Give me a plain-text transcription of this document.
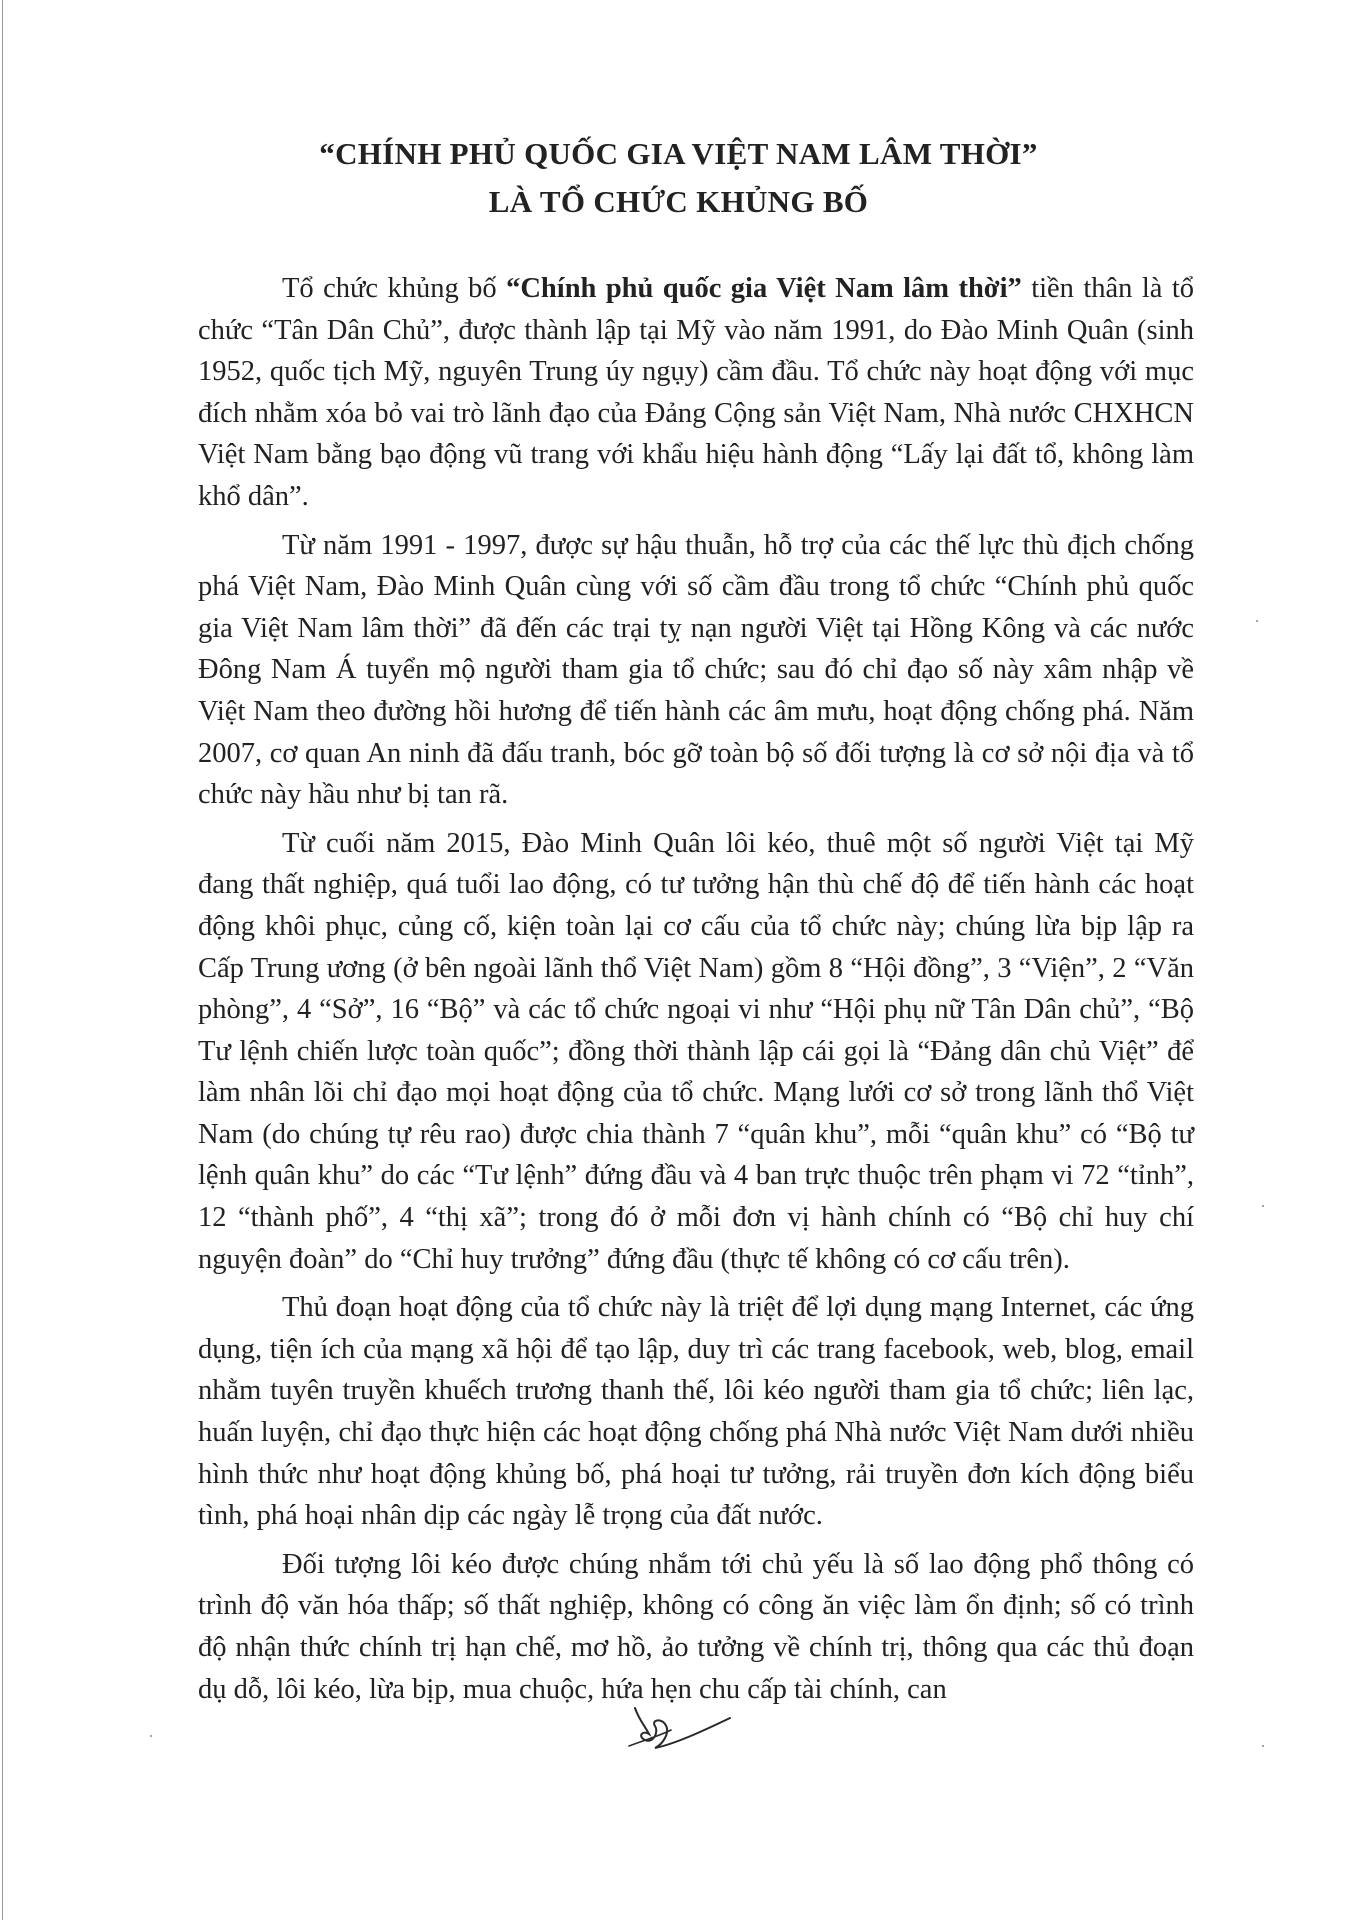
“CHÍNH PHỦ QUỐC GIA VIỆT NAM LÂM THỜI”
LÀ TỔ CHỨC KHỦNG BỐ

Tổ chức khủng bố “Chính phủ quốc gia Việt Nam lâm thời” tiền thân là tổ chức “Tân Dân Chủ”, được thành lập tại Mỹ vào năm 1991, do Đào Minh Quân (sinh 1952, quốc tịch Mỹ, nguyên Trung úy ngụy) cầm đầu. Tổ chức này hoạt động với mục đích nhằm xóa bỏ vai trò lãnh đạo của Đảng Cộng sản Việt Nam, Nhà nước CHXHCN Việt Nam bằng bạo động vũ trang với khẩu hiệu hành động “Lấy lại đất tổ, không làm khổ dân”.

Từ năm 1991 - 1997, được sự hậu thuẫn, hỗ trợ của các thế lực thù địch chống phá Việt Nam, Đào Minh Quân cùng với số cầm đầu trong tổ chức “Chính phủ quốc gia Việt Nam lâm thời” đã đến các trại tỵ nạn người Việt tại Hồng Kông và các nước Đông Nam Á tuyển mộ người tham gia tổ chức; sau đó chỉ đạo số này xâm nhập về Việt Nam theo đường hồi hương để tiến hành các âm mưu, hoạt động chống phá. Năm 2007, cơ quan An ninh đã đấu tranh, bóc gỡ toàn bộ số đối tượng là cơ sở nội địa và tổ chức này hầu như bị tan rã.

Từ cuối năm 2015, Đào Minh Quân lôi kéo, thuê một số người Việt tại Mỹ đang thất nghiệp, quá tuổi lao động, có tư tưởng hận thù chế độ để tiến hành các hoạt động khôi phục, củng cố, kiện toàn lại cơ cấu của tổ chức này; chúng lừa bịp lập ra Cấp Trung ương (ở bên ngoài lãnh thổ Việt Nam) gồm 8 “Hội đồng”, 3 “Viện”, 2 “Văn phòng”, 4 “Sở”, 16 “Bộ” và các tổ chức ngoại vi như “Hội phụ nữ Tân Dân chủ”, “Bộ Tư lệnh chiến lược toàn quốc”; đồng thời thành lập cái gọi là “Đảng dân chủ Việt” để làm nhân lõi chỉ đạo mọi hoạt động của tổ chức. Mạng lưới cơ sở trong lãnh thổ Việt Nam (do chúng tự rêu rao) được chia thành 7 “quân khu”, mỗi “quân khu” có “Bộ tư lệnh quân khu” do các “Tư lệnh” đứng đầu và 4 ban trực thuộc trên phạm vi 72 “tỉnh”, 12 “thành phố”, 4 “thị xã”; trong đó ở mỗi đơn vị hành chính có “Bộ chỉ huy chí nguyện đoàn” do “Chỉ huy trưởng” đứng đầu (thực tế không có cơ cấu trên).

Thủ đoạn hoạt động của tổ chức này là triệt để lợi dụng mạng Internet, các ứng dụng, tiện ích của mạng xã hội để tạo lập, duy trì các trang facebook, web, blog, email nhằm tuyên truyền khuếch trương thanh thế, lôi kéo người tham gia tổ chức; liên lạc, huấn luyện, chỉ đạo thực hiện các hoạt động chống phá Nhà nước Việt Nam dưới nhiều hình thức như hoạt động khủng bố, phá hoại tư tưởng, rải truyền đơn kích động biểu tình, phá hoại nhân dịp các ngày lễ trọng của đất nước.

Đối tượng lôi kéo được chúng nhắm tới chủ yếu là số lao động phổ thông có trình độ văn hóa thấp; số thất nghiệp, không có công ăn việc làm ổn định; số có trình độ nhận thức chính trị hạn chế, mơ hồ, ảo tưởng về chính trị, thông qua các thủ đoạn dụ dỗ, lôi kéo, lừa bịp, mua chuộc, hứa hẹn chu cấp tài chính, can
